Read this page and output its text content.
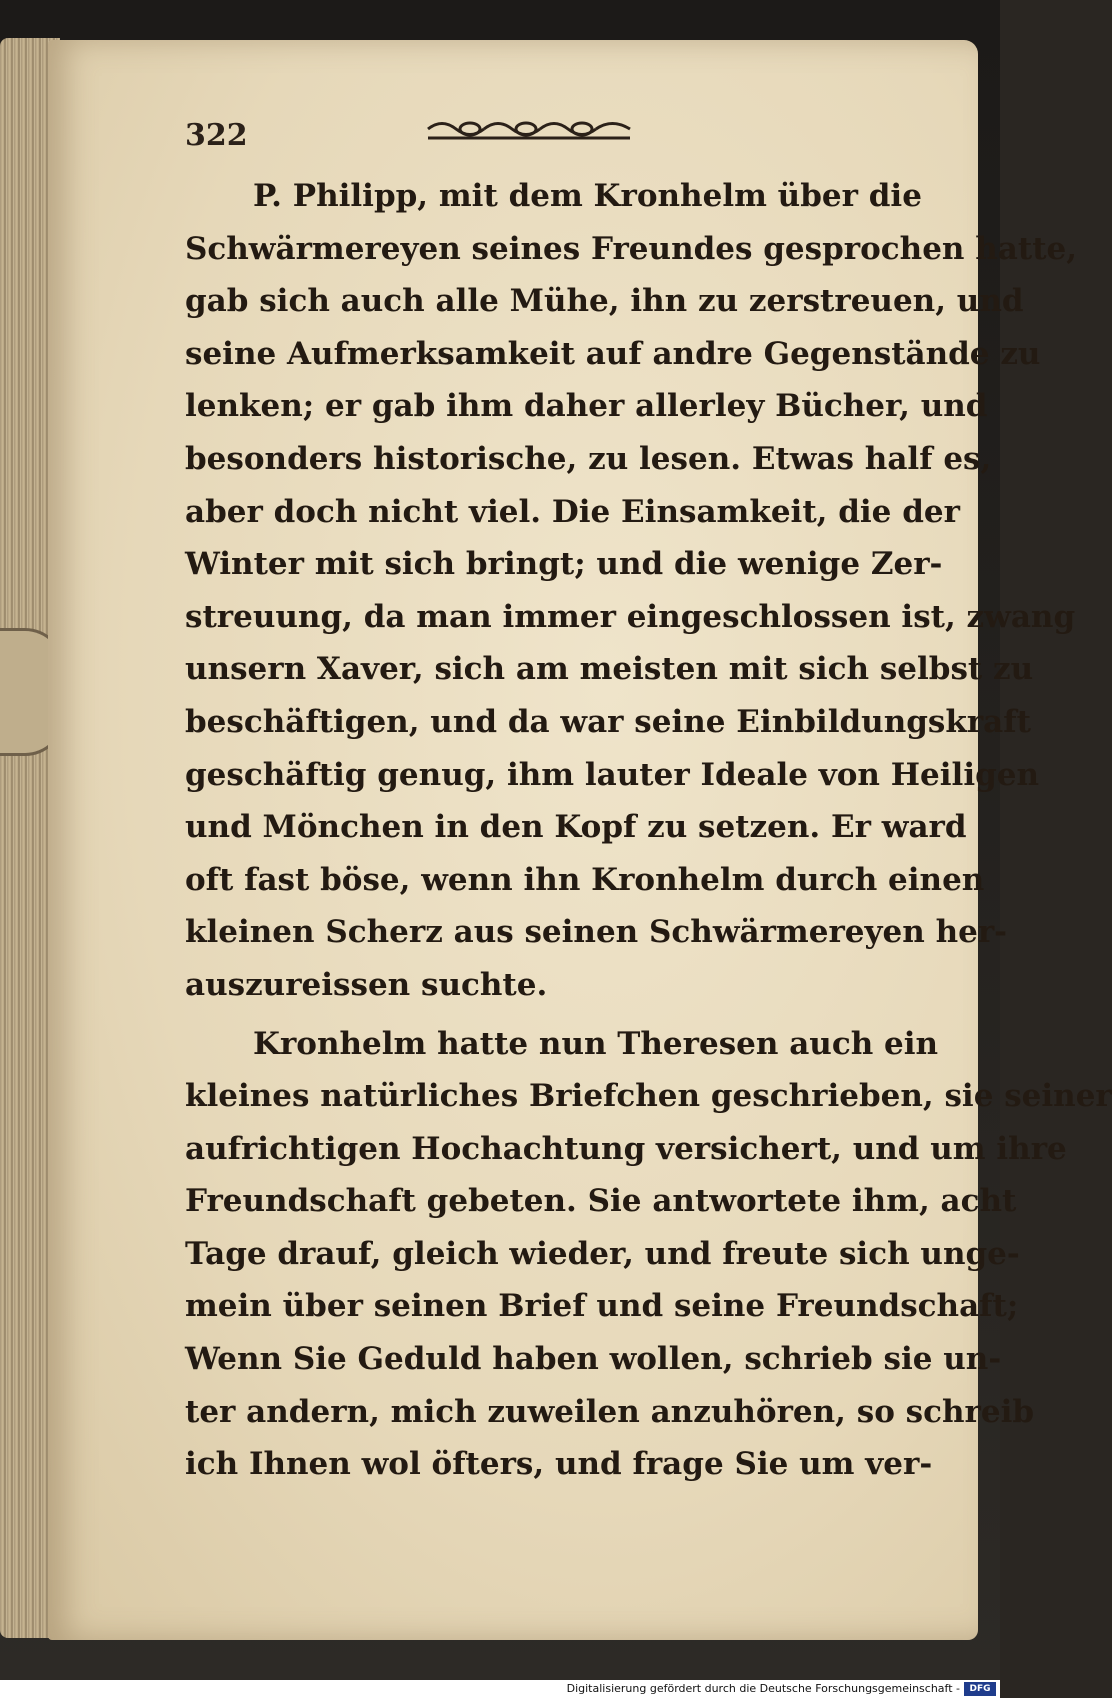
322
P. Philipp, mit dem Kronhelm über die
Schwärmereyen seines Freundes gesprochen hatte,
gab sich auch alle Mühe, ihn zu zerstreuen, und
seine Aufmerksamkeit auf andre Gegenstände zu
lenken; er gab ihm daher allerley Bücher, und
besonders historische, zu lesen. Etwas half es,
aber doch nicht viel. Die Einsamkeit, die der
Winter mit sich bringt; und die wenige Zer-
streuung, da man immer eingeschlossen ist, zwang
unsern Xaver, sich am meisten mit sich selbst zu
beschäftigen, und da war seine Einbildungskraft
geschäftig genug, ihm lauter Ideale von Heiligen
und Mönchen in den Kopf zu setzen. Er ward
oft fast böse, wenn ihn Kronhelm durch einen
kleinen Scherz aus seinen Schwärmereyen her-
auszureissen suchte.
Kronhelm hatte nun Theresen auch ein
kleines natürliches Briefchen geschrieben, sie seiner
aufrichtigen Hochachtung versichert, und um ihre
Freundschaft gebeten. Sie antwortete ihm, acht
Tage drauf, gleich wieder, und freute sich unge-
mein über seinen Brief und seine Freundschaft;
Wenn Sie Geduld haben wollen, schrieb sie un-
ter andern, mich zuweilen anzuhören, so schreib
ich Ihnen wol öfters, und frage Sie um ver-
Digitalisierung gefördert durch die Deutsche Forschungsgemeinschaft -	DFG
